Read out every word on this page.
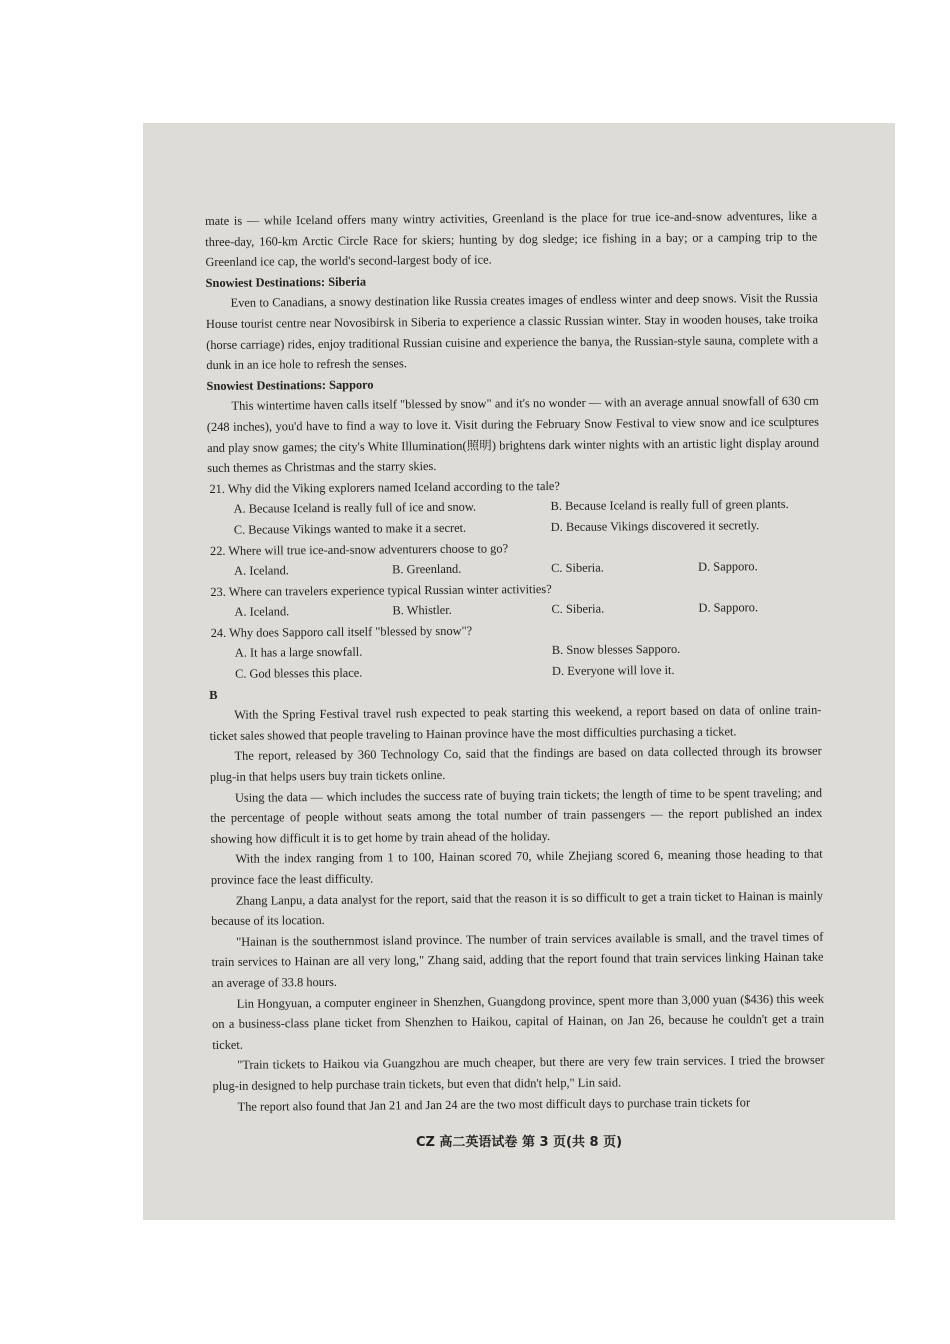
mate is — while Iceland offers many wintry activities, Greenland is the place for true ice-and-snow adventures, like a three-day, 160-km Arctic Circle Race for skiers; hunting by dog sledge; ice fishing in a bay; or a camping trip to the Greenland ice cap, the world's second-largest body of ice.

Snowiest Destinations: Siberia

Even to Canadians, a snowy destination like Russia creates images of endless winter and deep snows. Visit the Russia House tourist centre near Novosibirsk in Siberia to experience a classic Russian winter. Stay in wooden houses, take troika (horse carriage) rides, enjoy traditional Russian cuisine and experience the banya, the Russian-style sauna, complete with a dunk in an ice hole to refresh the senses.

Snowiest Destinations: Sapporo

This wintertime haven calls itself "blessed by snow" and it's no wonder — with an average annual snowfall of 630 cm (248 inches), you'd have to find a way to love it. Visit during the February Snow Festival to view snow and ice sculptures and play snow games; the city's White Illumination(照明) brightens dark winter nights with an artistic light display around such themes as Christmas and the starry skies.

21. Why did the Viking explorers named Iceland according to the tale?

A. Because Iceland is really full of ice and snow.	B. Because Iceland is really full of green plants.
C. Because Vikings wanted to make it a secret.	D. Because Vikings discovered it secretly.

22. Where will true ice-and-snow adventurers choose to go?

A. Iceland.	B. Greenland.	C. Siberia.	D. Sapporo.

23. Where can travelers experience typical Russian winter activities?

A. Iceland.	B. Whistler.	C. Siberia.	D. Sapporo.

24. Why does Sapporo call itself "blessed by snow"?

A. It has a large snowfall.	B. Snow blesses Sapporo.
C. God blesses this place.	D. Everyone will love it.

B

With the Spring Festival travel rush expected to peak starting this weekend, a report based on data of online train-ticket sales showed that people traveling to Hainan province have the most difficulties purchasing a ticket.

The report, released by 360 Technology Co, said that the findings are based on data collected through its browser plug-in that helps users buy train tickets online.

Using the data — which includes the success rate of buying train tickets; the length of time to be spent traveling; and the percentage of people without seats among the total number of train passengers — the report published an index showing how difficult it is to get home by train ahead of the holiday.

With the index ranging from 1 to 100, Hainan scored 70, while Zhejiang scored 6, meaning those heading to that province face the least difficulty.

Zhang Lanpu, a data analyst for the report, said that the reason it is so difficult to get a train ticket to Hainan is mainly because of its location.

"Hainan is the southernmost island province. The number of train services available is small, and the travel times of train services to Hainan are all very long," Zhang said, adding that the report found that train services linking Hainan take an average of 33.8 hours.

Lin Hongyuan, a computer engineer in Shenzhen, Guangdong province, spent more than 3,000 yuan ($436) this week on a business-class plane ticket from Shenzhen to Haikou, capital of Hainan, on Jan 26, because he couldn't get a train ticket.

"Train tickets to Haikou via Guangzhou are much cheaper, but there are very few train services. I tried the browser plug-in designed to help purchase train tickets, but even that didn't help," Lin said.

The report also found that Jan 21 and Jan 24 are the two most difficult days to purchase train tickets for

CZ 高二英语试卷 第 3 页(共 8 页)
